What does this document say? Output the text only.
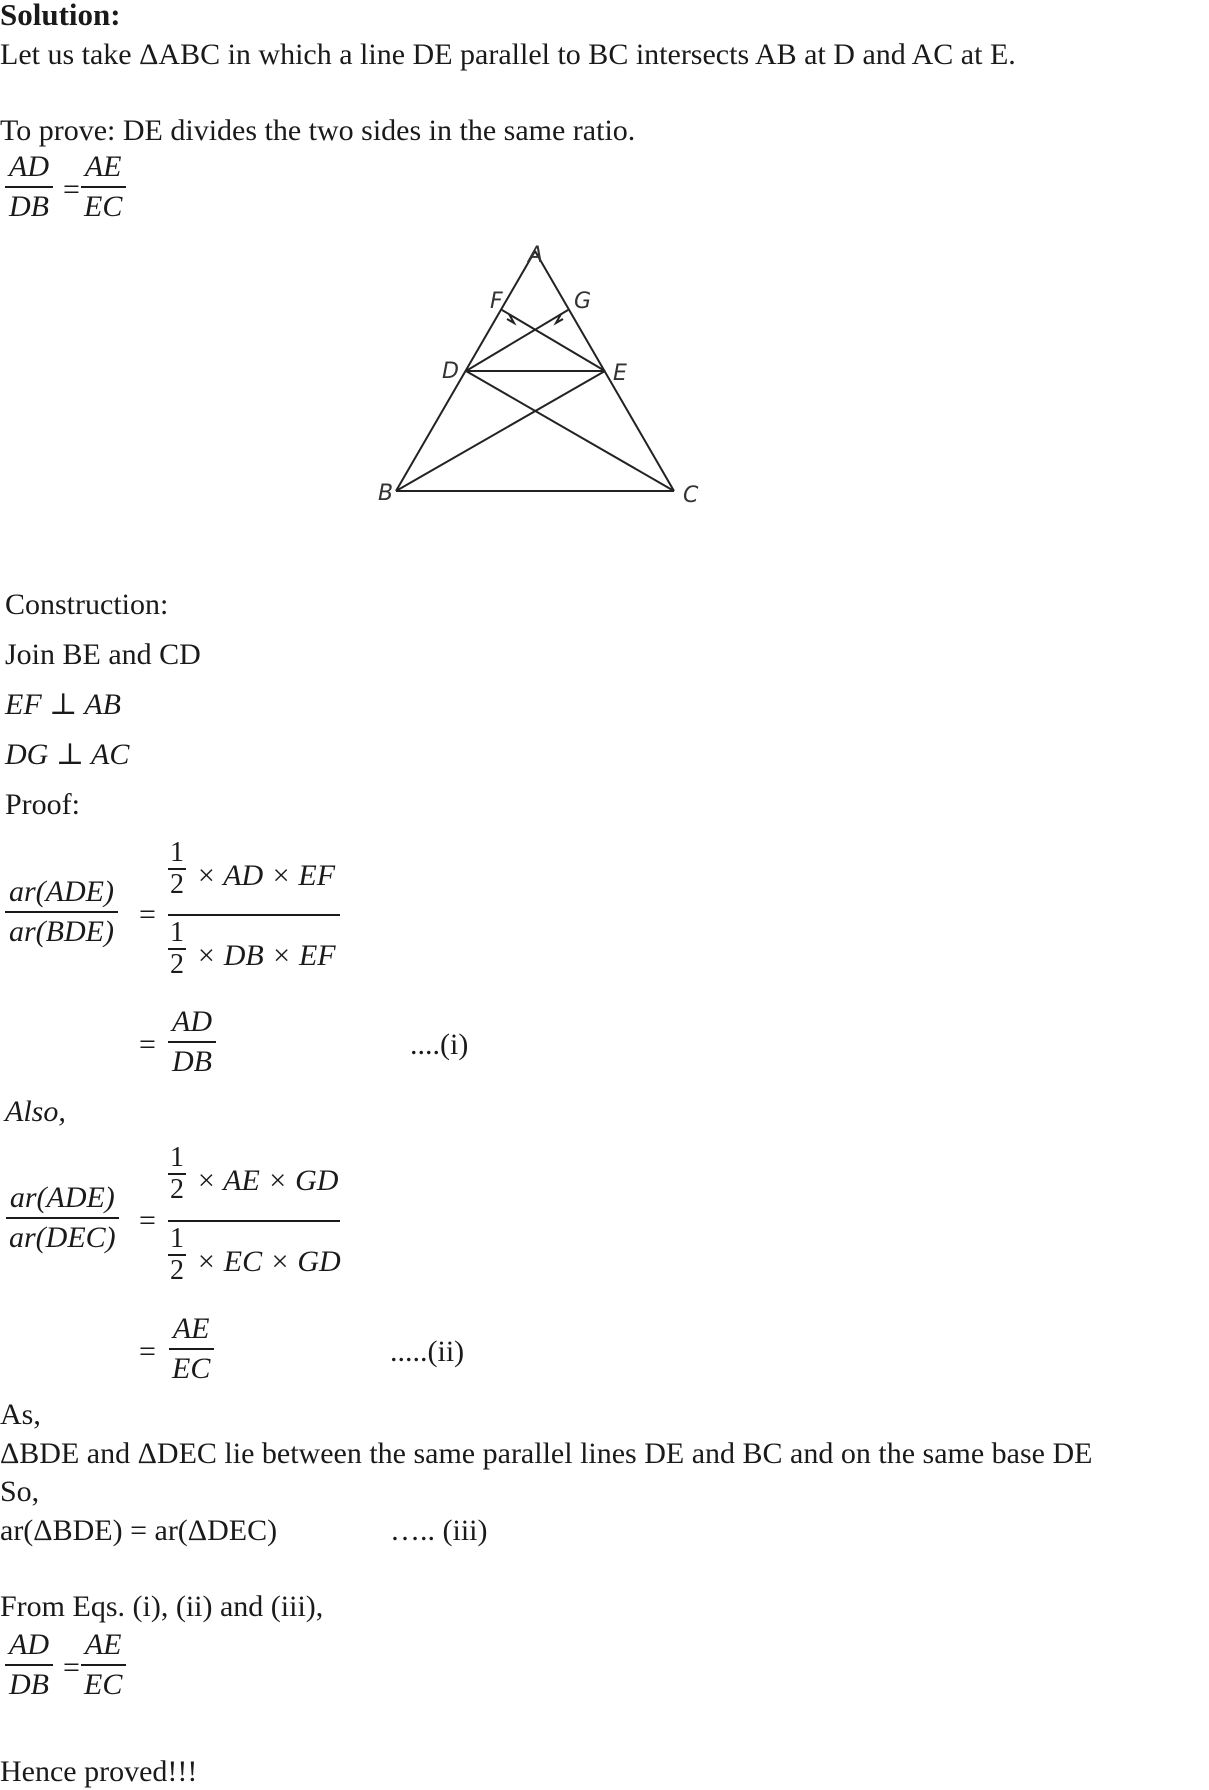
Solution:
Let us take ΔABC in which a line DE parallel to BC intersects AB at D and AC at E.
To prove: DE divides the two sides in the same ratio.
$\frac{AD}{DB} = \frac{AE}{EC}$
A
B	C
D	E
F	G
Construction:
Join BE and CD
EF ⊥ AB
DG ⊥ AC
Proof:
ar(ADE)
ar(BDE)
=
1
2 × AD × EF
1
2 × DB × EF
= $\frac{AD}{DB}$	....(i)
Also,
ar(ADE)
ar(DEC)
=
1
2 × AE × GD
1
2 × EC × GD
= $\frac{AE}{EC}$	.....(ii)
As,
ΔBDE and ΔDEC lie between the same parallel lines DE and BC and on the same base DE
So,
ar(ΔBDE) = ar(ΔDEC)	….. (iii)
From Eqs. (i), (ii) and (iii),
$\frac{AD}{DB} = \frac{AE}{EC}$
Hence proved!!!
